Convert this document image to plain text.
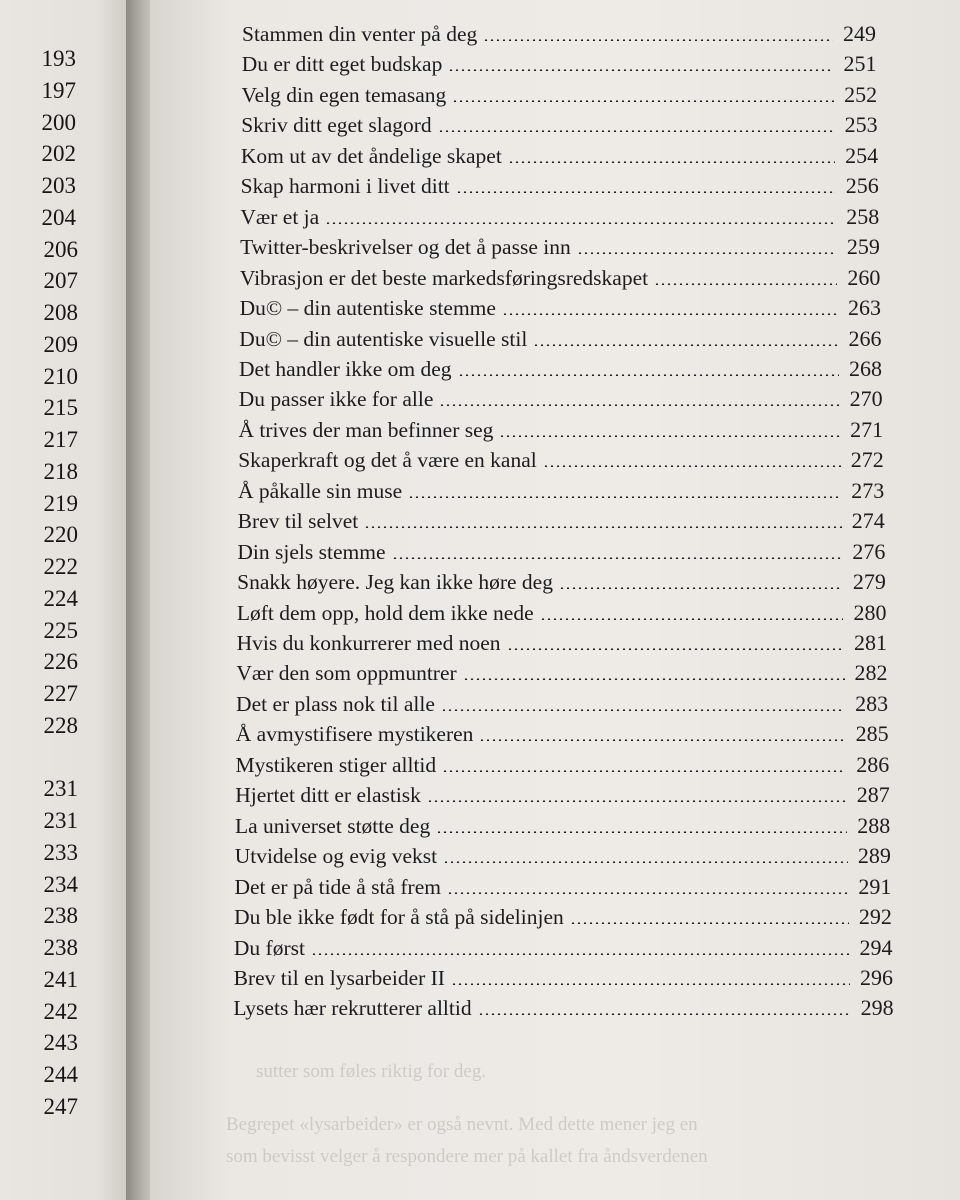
193
197
200
202
203
204
206
207
208
209
210
215
217
218
219
220
222
224
225
226
227
228
231
231
233
234
238
238
241
242
243
244
247
sutter som føles riktig for deg.
Begrepet «lysarbeider» er også nevnt. Med dette mener jeg en
som bevisst velger å respondere mer på kallet fra åndsverdenen
Stammen din venter på deg	249
Du er ditt eget budskap	251
Velg din egen temasang	252
Skriv ditt eget slagord	253
Kom ut av det åndelige skapet	254
Skap harmoni i livet ditt	256
Vær et ja	258
Twitter-beskrivelser og det å passe inn	259
Vibrasjon er det beste markedsføringsredskapet	260
Du© – din autentiske stemme	263
Du© – din autentiske visuelle stil	266
Det handler ikke om deg	268
Du passer ikke for alle	270
Å trives der man befinner seg	271
Skaperkraft og det å være en kanal	272
Å påkalle sin muse	273
Brev til selvet	274
Din sjels stemme	276
Snakk høyere. Jeg kan ikke høre deg	279
Løft dem opp, hold dem ikke nede	280
Hvis du konkurrerer med noen	281
Vær den som oppmuntrer	282
Det er plass nok til alle	283
Å avmystifisere mystikeren	285
Mystikeren stiger alltid	286
Hjertet ditt er elastisk	287
La universet støtte deg	288
Utvidelse og evig vekst	289
Det er på tide å stå frem	291
Du ble ikke født for å stå på sidelinjen	292
Du først	294
Brev til en lysarbeider II	296
Lysets hær rekrutterer alltid	298
